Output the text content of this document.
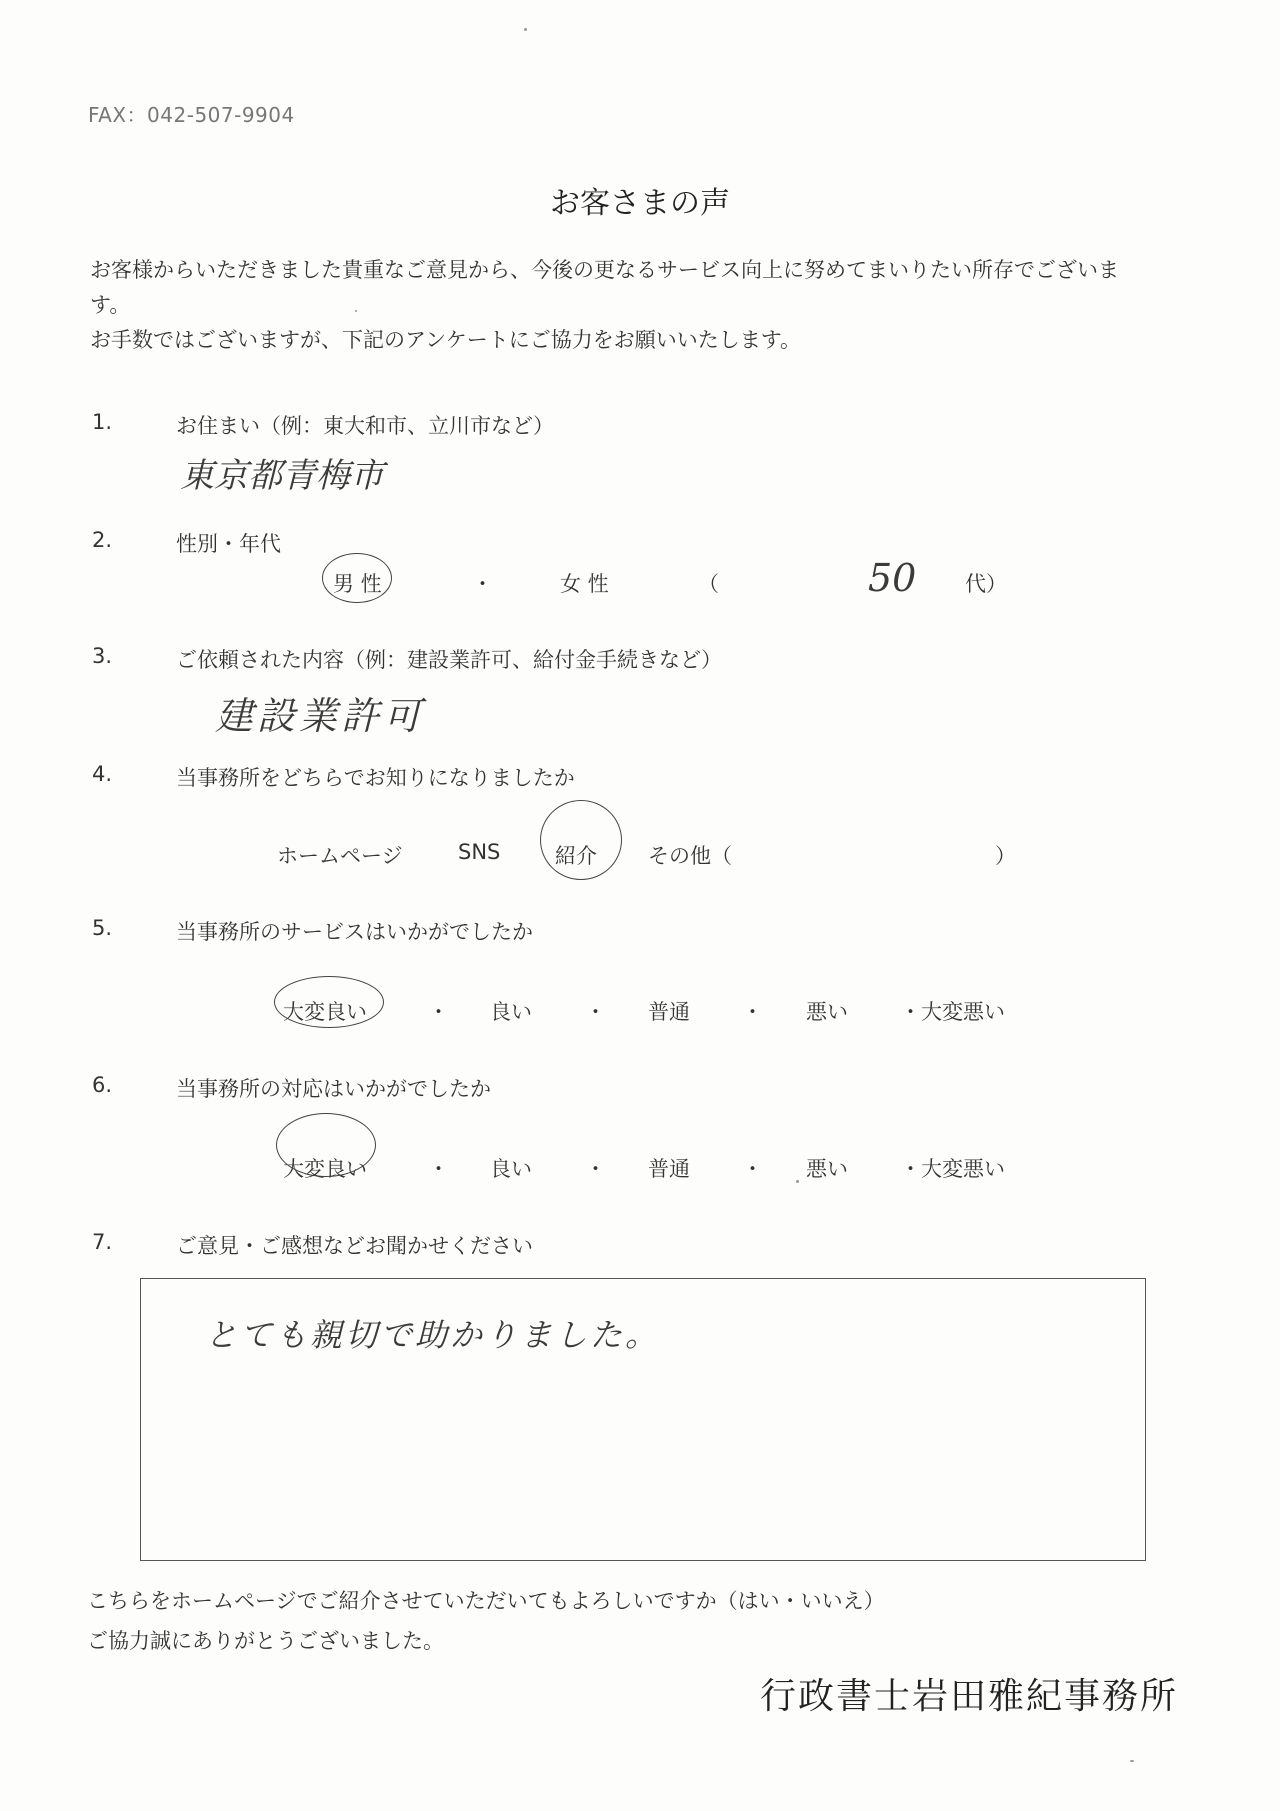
FAX：042-507-9904
お客さまの声

お客様からいただきました貴重なご意見から、今後の更なるサービス向上に努めてまいりたい所存でございま

す。

お手数ではございますが、下記のアンケートにご協力をお願いいたします。

1.	お住まい（例：東大和市、立川市など）
東京都青梅市
2.	性別・年代
男 性	・	女 性	（	50 代）
3.	ご依頼された内容（例：建設業許可、給付金手続きなど）
建設業許可
4.	当事務所をどちらでお知りになりましたか
ホームページ	SNS	紹介 その他（	）
5.	当事務所のサービスはいかがでしたか
大変良い	・ 良い	・ 普通 ・ 悪い ・大変悪い
6.	当事務所の対応はいかがでしたか
大変良い	・ 良い	・ 普通 ・ 悪い ・大変悪い
7.	ご意見・ご感想などお聞かせください
とても親切で助かりました。
こちらをホームページでご紹介させていただいてもよろしいですか（はい・いいえ）
ご協力誠にありがとうございました。
行政書士岩田雅紀事務所
